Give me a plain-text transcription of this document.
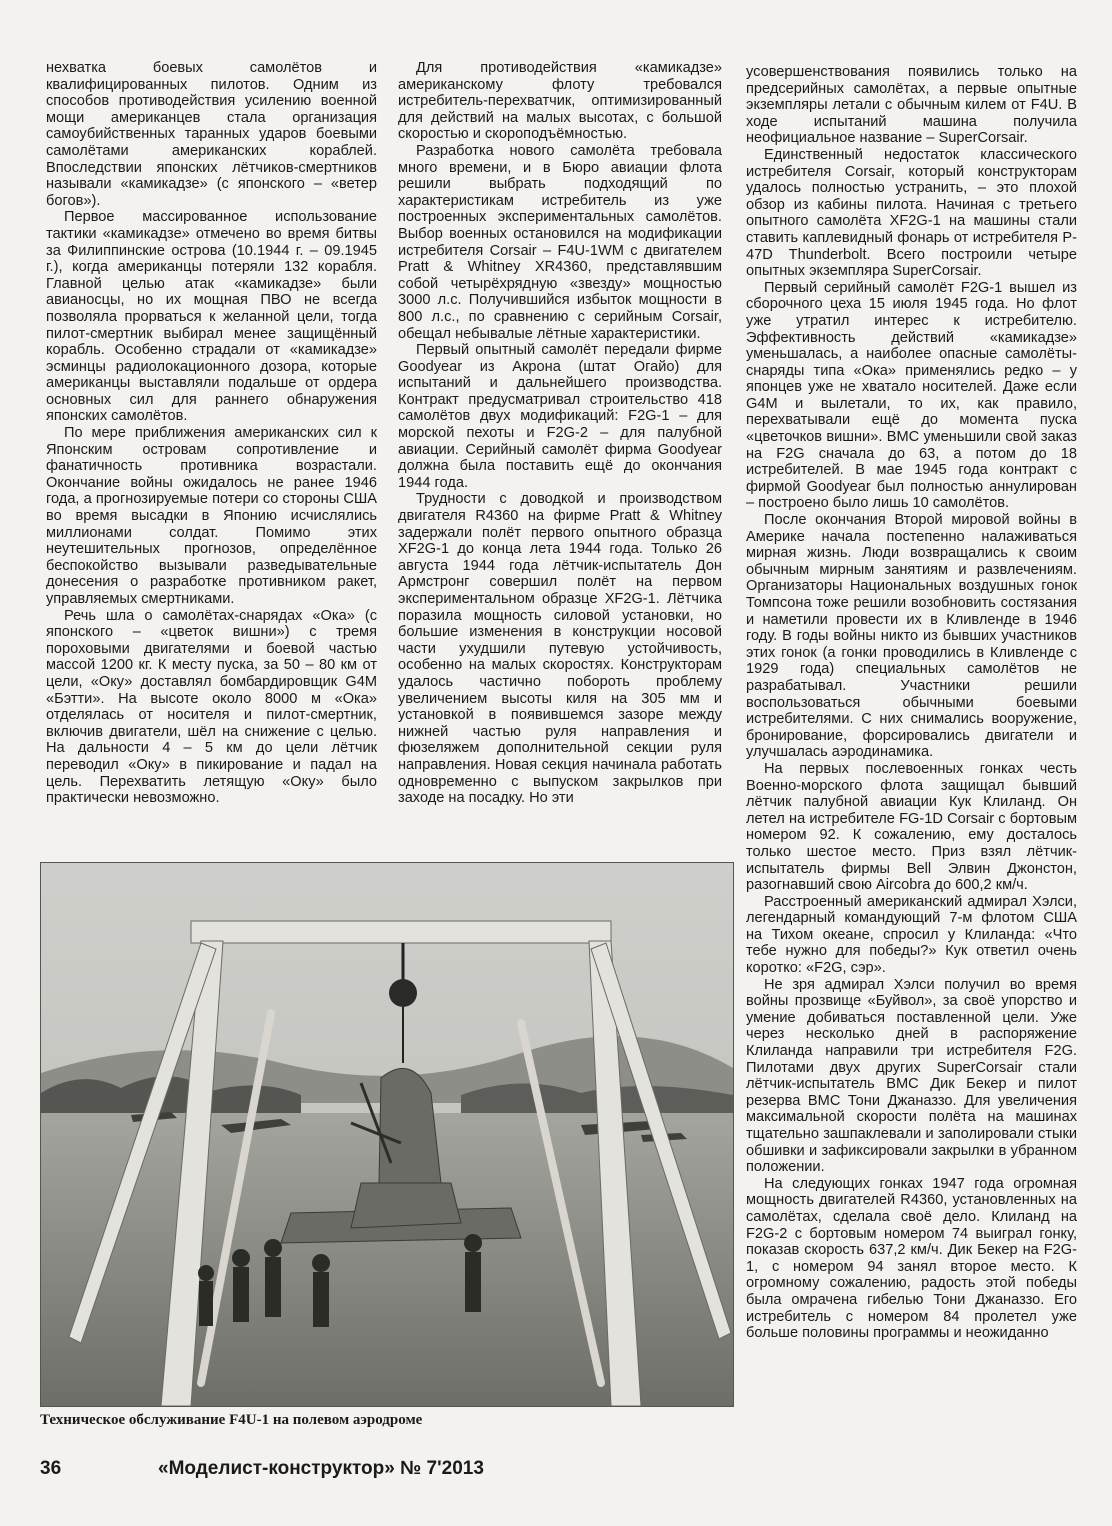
нехватка боевых самолётов и квалифицированных пилотов. Одним из способов противодействия усилению военной мощи американцев стала организация самоубийственных таранных ударов боевыми самолётами американских кораблей. Впоследствии японских лётчиков-смертников называли «камикадзе» (с японского – «ветер богов»).

Первое массированное использование тактики «камикадзе» отмечено во время битвы за Филиппинские острова (10.1944 г. – 09.1945 г.), когда американцы потеряли 132 корабля. Главной целью атак «камикадзе» были авианосцы, но их мощная ПВО не всегда позволяла прорваться к желанной цели, тогда пилот-смертник выбирал менее защищённый корабль. Особенно страдали от «камикадзе» эсминцы радиолокационного дозора, которые американцы выставляли подальше от ордера основных сил для раннего обнаружения японских самолётов.

По мере приближения американских сил к Японским островам сопротивление и фанатичность противника возрастали. Окончание войны ожидалось не ранее 1946 года, а прогнозируемые потери со стороны США во время высадки в Японию исчислялись миллионами солдат. Помимо этих неутешительных прогнозов, определённое беспокойство вызывали разведывательные донесения о разработке противником ракет, управляемых смертниками.

Речь шла о самолётах-снарядах «Ока» (с японского – «цветок вишни») с тремя пороховыми двигателями и боевой частью массой 1200 кг. К месту пуска, за 50 – 80 км от цели, «Оку» доставлял бомбардировщик G4M «Бэтти». На высоте около 8000 м «Ока» отделялась от носителя и пилот-смертник, включив двигатели, шёл на снижение с целью. На дальности 4 – 5 км до цели лётчик переводил «Оку» в пикирование и падал на цель. Перехватить летящую «Оку» было практически невозможно.

Для противодействия «камикадзе» американскому флоту требовался истребитель-перехватчик, оптимизированный для действий на малых высотах, с большой скоростью и скороподъёмностью.

Разработка нового самолёта требовала много времени, и в Бюро авиации флота решили выбрать подходящий по характеристикам истребитель из уже построенных экспериментальных самолётов. Выбор военных остановился на модификации истребителя Corsair – F4U-1WM с двигателем Pratt & Whitney XR4360, представлявшим собой четырёхрядную «звезду» мощностью 3000 л.с. Получившийся избыток мощности в 800 л.с., по сравнению с серийным Corsair, обещал небывалые лётные характеристики.

Первый опытный самолёт передали фирме Goodyear из Акрона (штат Огайо) для испытаний и дальнейшего производства. Контракт предусматривал строительство 418 самолётов двух модификаций: F2G-1 – для морской пехоты и F2G-2 – для палубной авиации. Серийный самолёт фирма Goodyear должна была поставить ещё до окончания 1944 года.

Трудности с доводкой и производством двигателя R4360 на фирме Pratt & Whitney задержали полёт первого опытного образца XF2G-1 до конца лета 1944 года. Только 26 августа 1944 года лётчик-испытатель Дон Армстронг совершил полёт на первом экспериментальном образце XF2G-1. Лётчика поразила мощность силовой установки, но большие изменения в конструкции носовой части ухудшили путевую устойчивость, особенно на малых скоростях. Конструкторам удалось частично побороть проблему увеличением высоты киля на 305 мм и установкой в появившемся зазоре между нижней частью руля направления и фюзеляжем дополнительной секции руля направления. Новая секция начинала работать одновременно с выпуском закрылков при заходе на посадку. Но эти

усовершенствования появились только на предсерийных самолётах, а первые опытные экземпляры летали с обычным килем от F4U. В ходе испытаний машина получила неофициальное название – SuperCorsair.

Единственный недостаток классического истребителя Corsair, который конструкторам удалось полностью устранить, – это плохой обзор из кабины пилота. Начиная с третьего опытного самолёта XF2G-1 на машины стали ставить каплевидный фонарь от истребителя P-47D Thunderbolt. Всего построили четыре опытных экземпляра SuperCorsair.

Первый серийный самолёт F2G-1 вышел из сборочного цеха 15 июля 1945 года. Но флот уже утратил интерес к истребителю. Эффективность действий «камикадзе» уменьшалась, а наиболее опасные самолёты-снаряды типа «Ока» применялись редко – у японцев уже не хватало носителей. Даже если G4M и вылетали, то их, как правило, перехватывали ещё до момента пуска «цветочков вишни». ВМС уменьшили свой заказ на F2G сначала до 63, а потом до 18 истребителей. В мае 1945 года контракт с фирмой Goodyear был полностью аннулирован – построено было лишь 10 самолётов.

После окончания Второй мировой войны в Америке начала постепенно налаживаться мирная жизнь. Люди возвращались к своим обычным мирным занятиям и развлечениям. Организаторы Национальных воздушных гонок Томпсона тоже решили возобновить состязания и наметили провести их в Кливленде в 1946 году. В годы войны никто из бывших участников этих гонок (а гонки проводились в Кливленде с 1929 года) специальных самолётов не разрабатывал. Участники решили воспользоваться обычными боевыми истребителями. С них снимались вооружение, бронирование, форсировались двигатели и улучшалась аэродинамика.

На первых послевоенных гонках честь Военно-морского флота защищал бывший лётчик палубной авиации Кук Клиланд. Он летел на истребителе FG-1D Corsair с бортовым номером 92. К сожалению, ему досталось только шестое место. Приз взял лётчик-испытатель фирмы Bell Элвин Джонстон, разогнавший свою Aircobra до 600,2 км/ч.

Расстроенный американский адмирал Хэлси, легендарный командующий 7-м флотом США на Тихом океане, спросил у Клиланда: «Что тебе нужно для победы?» Кук ответил очень коротко: «F2G, сэр».

Не зря адмирал Хэлси получил во время войны прозвище «Буйвол», за своё упорство и умение добиваться поставленной цели. Уже через несколько дней в распоряжение Клиланда направили три истребителя F2G. Пилотами двух других SuperCorsair стали лётчик-испытатель ВМС Дик Бекер и пилот резерва ВМС Тони Джаназзо. Для увеличения максимальной скорости полёта на машинах тщательно зашпаклевали и заполировали стыки обшивки и зафиксировали закрылки в убранном положении.

На следующих гонках 1947 года огромная мощность двигателей R4360, установленных на самолётах, сделала своё дело. Клиланд на F2G-2 с бортовым номером 74 выиграл гонку, показав скорость 637,2 км/ч. Дик Бекер на F2G-1, с номером 94 занял второе место. К огромному сожалению, радость этой победы была омрачена гибелью Тони Джаназзо. Его истребитель с номером 84 пролетел уже больше половины программы и неожиданно

Техническое обслуживание F4U-1 на полевом аэродроме
36	«Моделист-конструктор» № 7'2013
